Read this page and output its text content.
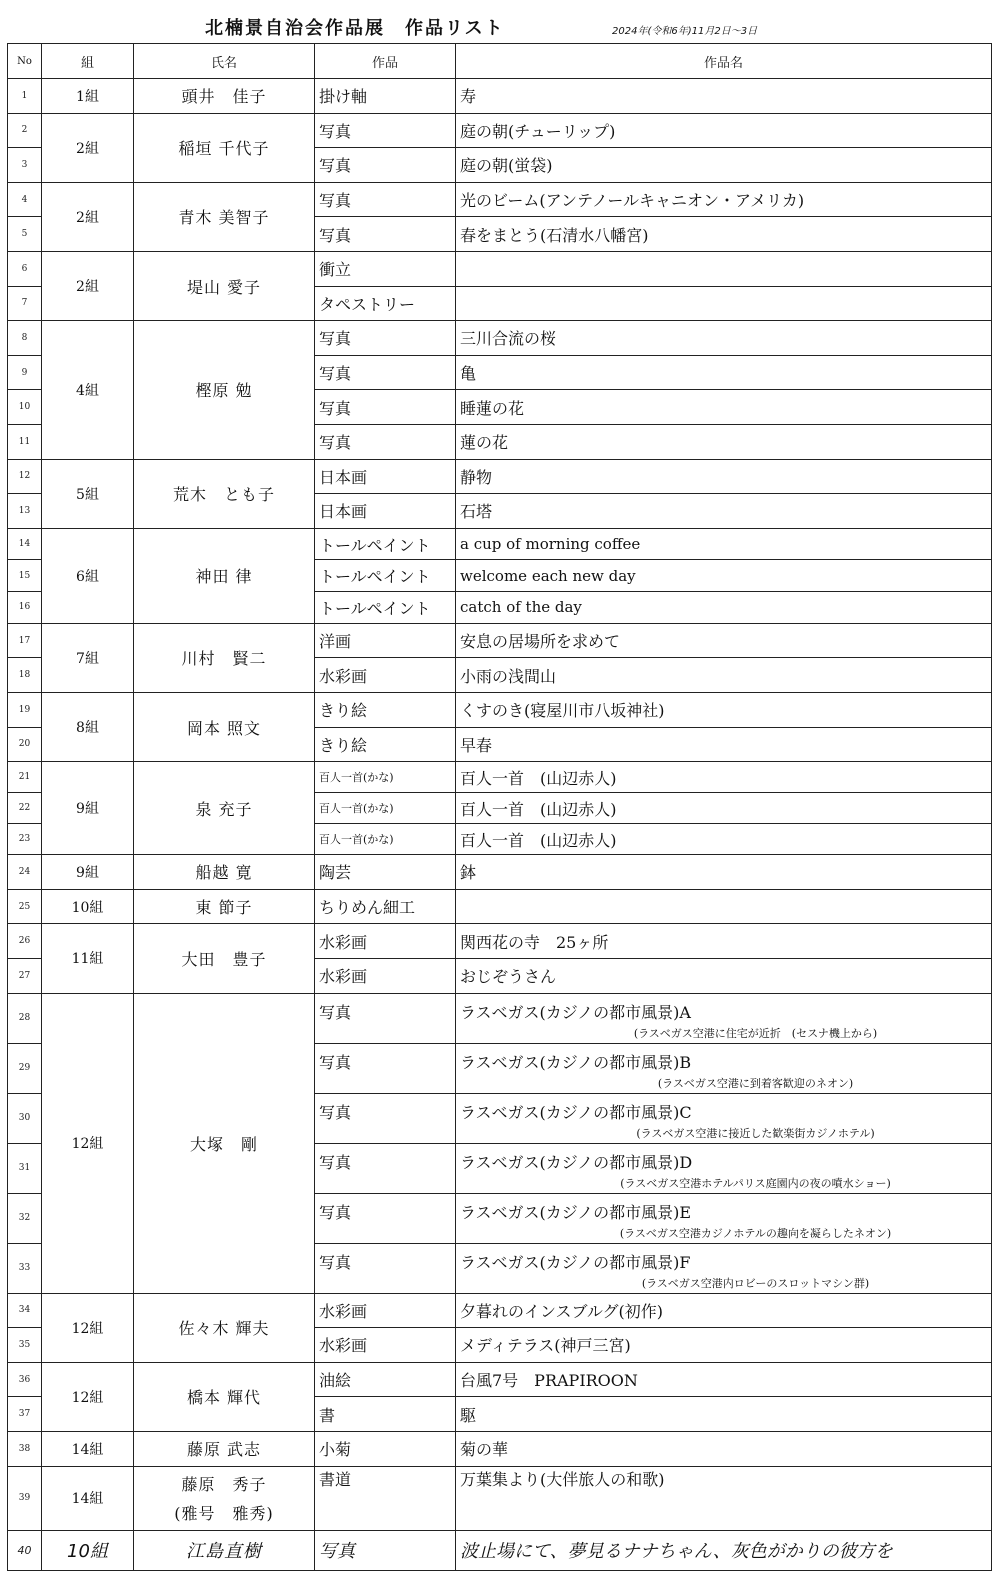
北楠景自治会作品展　作品リスト	2024年(令和6年)11月2日～3日
No	組	氏名	作品	作品名
1	1組	頭井　佳子	掛け軸	寿

2	2組	稲垣 千代子	写真	庭の朝(チューリップ)

3			写真	庭の朝(蛍袋)

4	2組	青木 美智子	写真	光のビーム(アンテノールキャニオン・アメリカ)

5			写真	春をまとう(石清水八幡宮)

6	2組	堤山 愛子	衝立	

7			タペストリー	

8	4組	樫原 勉	写真	三川合流の桜

9			写真	亀

10			写真	睡蓮の花

11			写真	蓮の花

12	5組	荒木　とも子	日本画	静物

13			日本画	石塔

14	6組	神田 律	トールペイント	a cup of morning coffee

15			トールペイント	welcome each new day

16			トールペイント	catch of the day

17	7組	川村　賢二	洋画	安息の居場所を求めて

18			水彩画	小雨の浅間山

19	8組	岡本 照文	きり絵	くすのき(寝屋川市八坂神社)

20			きり絵	早春

21	9組	泉 充子	百人一首(かな)	百人一首　(山辺赤人)

22			百人一首(かな)	百人一首　(山辺赤人)

23			百人一首(かな)	百人一首　(山辺赤人)

24	9組	船越 寛	陶芸	鉢

25	10組	東 節子	ちりめん細工	

26	11組	大田　豊子	水彩画	関西花の寺　25ヶ所

27			水彩画	おじぞうさん

28	12組	大塚　剛	写真	ラスベガス(カジノの都市風景)A
(ラスベガス空港に住宅が近折　(セスナ機上から)

29			写真	ラスベガス(カジノの都市風景)B
(ラスベガス空港に到着客歓迎のネオン)

30			写真	ラスベガス(カジノの都市風景)C
(ラスベガス空港に接近した歓楽街カジノホテル)

31			写真	ラスベガス(カジノの都市風景)D
(ラスベガス空港ホテルパリス庭園内の夜の噴水ショー)

32			写真	ラスベガス(カジノの都市風景)E
(ラスベガス空港カジノホテルの趣向を凝らしたネオン)

33			写真	ラスベガス(カジノの都市風景)F
(ラスベガス空港内ロビーのスロットマシン群)

34	12組	佐々木 輝夫	水彩画	夕暮れのインスブルグ(初作)

35			水彩画	メディテラス(神戸三宮)

36	12組	橋本 輝代	油絵	台風7号　PRAPIROON

37			書	駆

38	14組	藤原 武志	小菊	菊の華

39	14組	藤原　秀子
(雅号　雅秀)	書道	万葉集より(大伴旅人の和歌)

40	10組	江島直樹	写真	波止場にて、夢見るナナちゃん、灰色がかりの彼方を
